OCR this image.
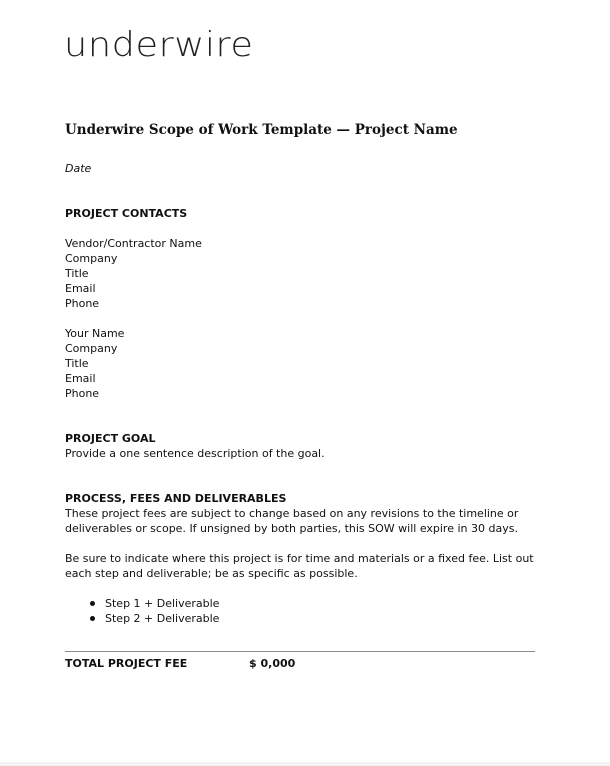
underwire
Underwire Scope of Work Template — Project Name
Date
PROJECT CONTACTS
Vendor/Contractor Name
Company
Title
Email
Phone
Your Name
Company
Title
Email
Phone
PROJECT GOAL
Provide a one sentence description of the goal.
PROCESS, FEES AND DELIVERABLES
These project fees are subject to change based on any revisions to the timeline or deliverables or scope. If unsigned by both parties, this SOW will expire in 30 days.
Be sure to indicate where this project is for time and materials or a fixed fee. List out each step and deliverable; be as specific as possible.
Step 1 + Deliverable
Step 2 + Deliverable
TOTAL PROJECT FEE	$ 0,000
